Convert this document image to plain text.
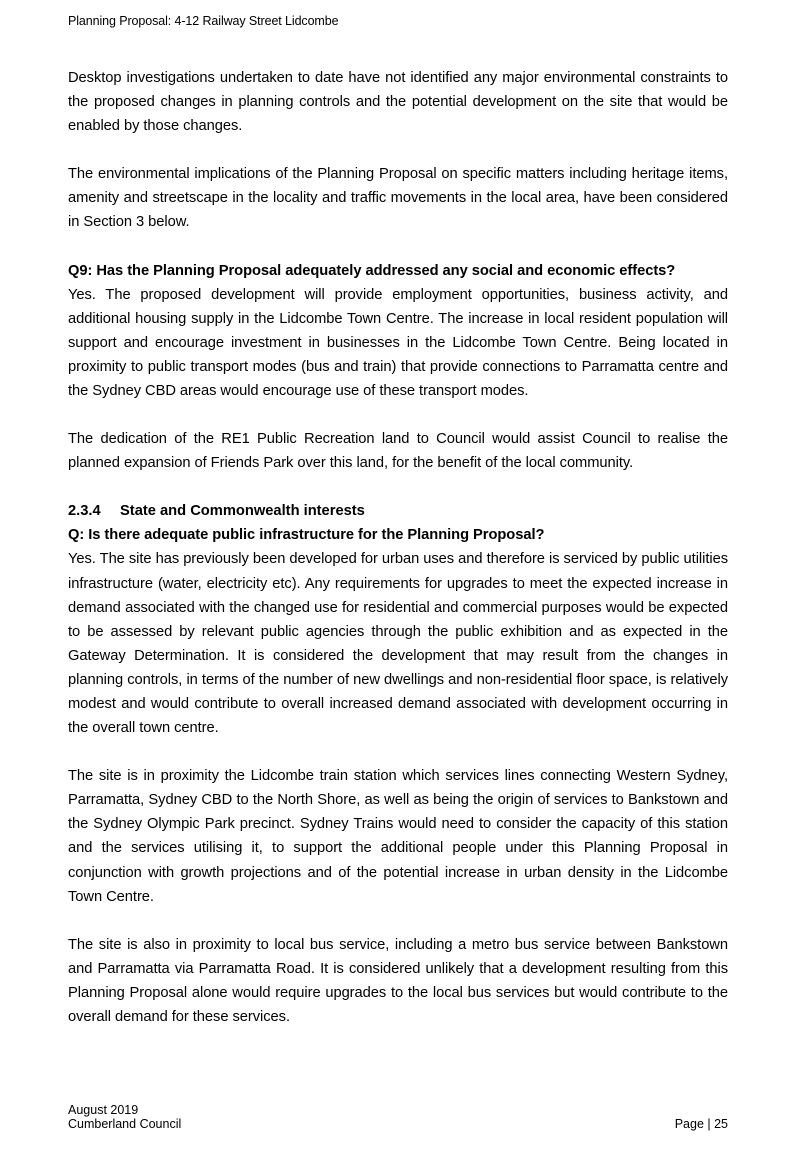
Planning Proposal: 4-12 Railway Street Lidcombe

Desktop investigations undertaken to date have not identified any major environmental constraints to the proposed changes in planning controls and the potential development on the site that would be enabled by those changes.

The environmental implications of the Planning Proposal on specific matters including heritage items, amenity and streetscape in the locality and traffic movements in the local area, have been considered in Section 3 below.

Q9: Has the Planning Proposal adequately addressed any social and economic effects?

Yes. The proposed development will provide employment opportunities, business activity, and additional housing supply in the Lidcombe Town Centre. The increase in local resident population will support and encourage investment in businesses in the Lidcombe Town Centre. Being located in proximity to public transport modes (bus and train) that provide connections to Parramatta centre and the Sydney CBD areas would encourage use of these transport modes.

The dedication of the RE1 Public Recreation land to Council would assist Council to realise the planned expansion of Friends Park over this land, for the benefit of the local community.

2.3.4 State and Commonwealth interests

Q: Is there adequate public infrastructure for the Planning Proposal?

Yes. The site has previously been developed for urban uses and therefore is serviced by public utilities infrastructure (water, electricity etc). Any requirements for upgrades to meet the expected increase in demand associated with the changed use for residential and commercial purposes would be expected to be assessed by relevant public agencies through the public exhibition and as expected in the Gateway Determination. It is considered the development that may result from the changes in planning controls, in terms of the number of new dwellings and non-residential floor space, is relatively modest and would contribute to overall increased demand associated with development occurring in the overall town centre.

The site is in proximity the Lidcombe train station which services lines connecting Western Sydney, Parramatta, Sydney CBD to the North Shore, as well as being the origin of services to Bankstown and the Sydney Olympic Park precinct. Sydney Trains would need to consider the capacity of this station and the services utilising it, to support the additional people under this Planning Proposal in conjunction with growth projections and of the potential increase in urban density in the Lidcombe Town Centre.

The site is also in proximity to local bus service, including a metro bus service between Bankstown and Parramatta via Parramatta Road. It is considered unlikely that a development resulting from this Planning Proposal alone would require upgrades to the local bus services but would contribute to the overall demand for these services.

August 2019
Cumberland Council	Page | 25
